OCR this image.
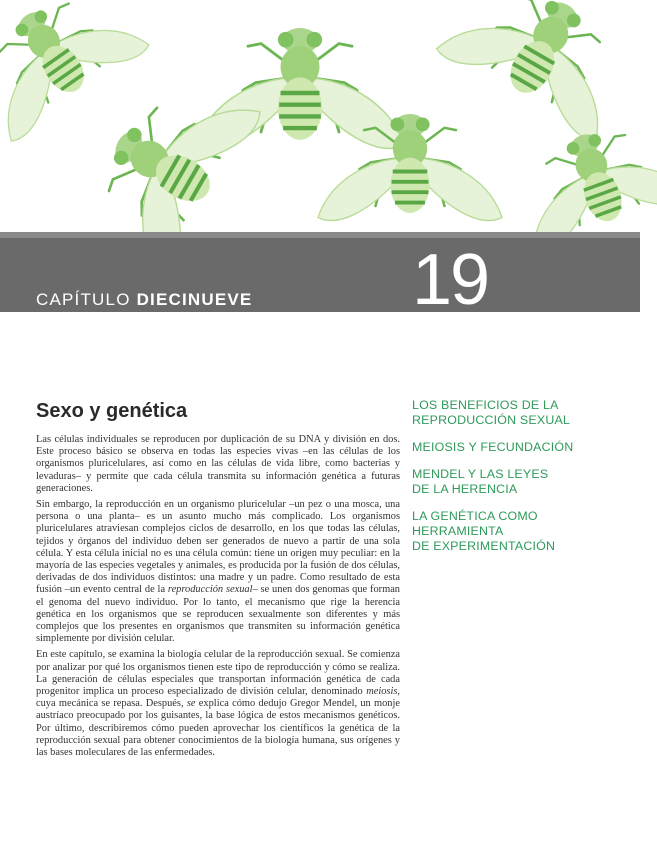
CAPÍTULO DIECINUEVE 19
Sexo y genética

Las células individuales se reproducen por duplicación de su DNA y división en dos. Este proceso básico se observa en todas las especies vivas –en las células de los organismos pluricelulares, así como en las células de vida libre, como bacterias y levaduras– y permite que cada célula transmita su información genética a futuras generaciones.

Sin embargo, la reproducción en un organismo pluricelular –un pez o una mosca, una persona o una planta– es un asunto mucho más complicado. Los organismos pluricelulares atraviesan complejos ciclos de desarrollo, en los que todas las células, tejidos y órganos del individuo deben ser generados de nuevo a partir de una sola célula. Y esta célula inicial no es una célula común: tiene un origen muy peculiar: en la mayoría de las especies vegetales y animales, es producida por la fusión de dos células, derivadas de dos individuos distintos: una madre y un padre. Como resultado de esta fusión –un evento central de la reproducción sexual– se unen dos genomas que forman el genoma del nuevo individuo. Por lo tanto, el mecanismo que rige la herencia genética en los organismos que se reproducen sexualmente son diferentes y más complejos que los presentes en organismos que transmiten su información genética simplemente por división celular.

En este capítulo, se examina la biología celular de la reproducción sexual. Se comienza por analizar por qué los organismos tienen este tipo de reproducción y cómo se realiza. La generación de células especiales que transportan información genética de cada progenitor implica un proceso especializado de división celular, denominado meiosis, cuya mecánica se repasa. Después, se explica cómo dedujo Gregor Mendel, un monje austríaco preocupado por los guisantes, la base lógica de estos mecanismos genéticos. Por último, describiremos cómo pueden aprovechar los científicos la genética de la reproducción sexual para obtener conocimientos de la biología humana, sus orígenes y las bases moleculares de las enfermedades.

LOS BENEFICIOS DE LA
REPRODUCCIÓN SEXUAL
MEIOSIS Y FECUNDACIÓN
MENDEL Y LAS LEYES
DE LA HERENCIA
LA GENÉTICA COMO
HERRAMIENTA
DE EXPERIMENTACIÓN
